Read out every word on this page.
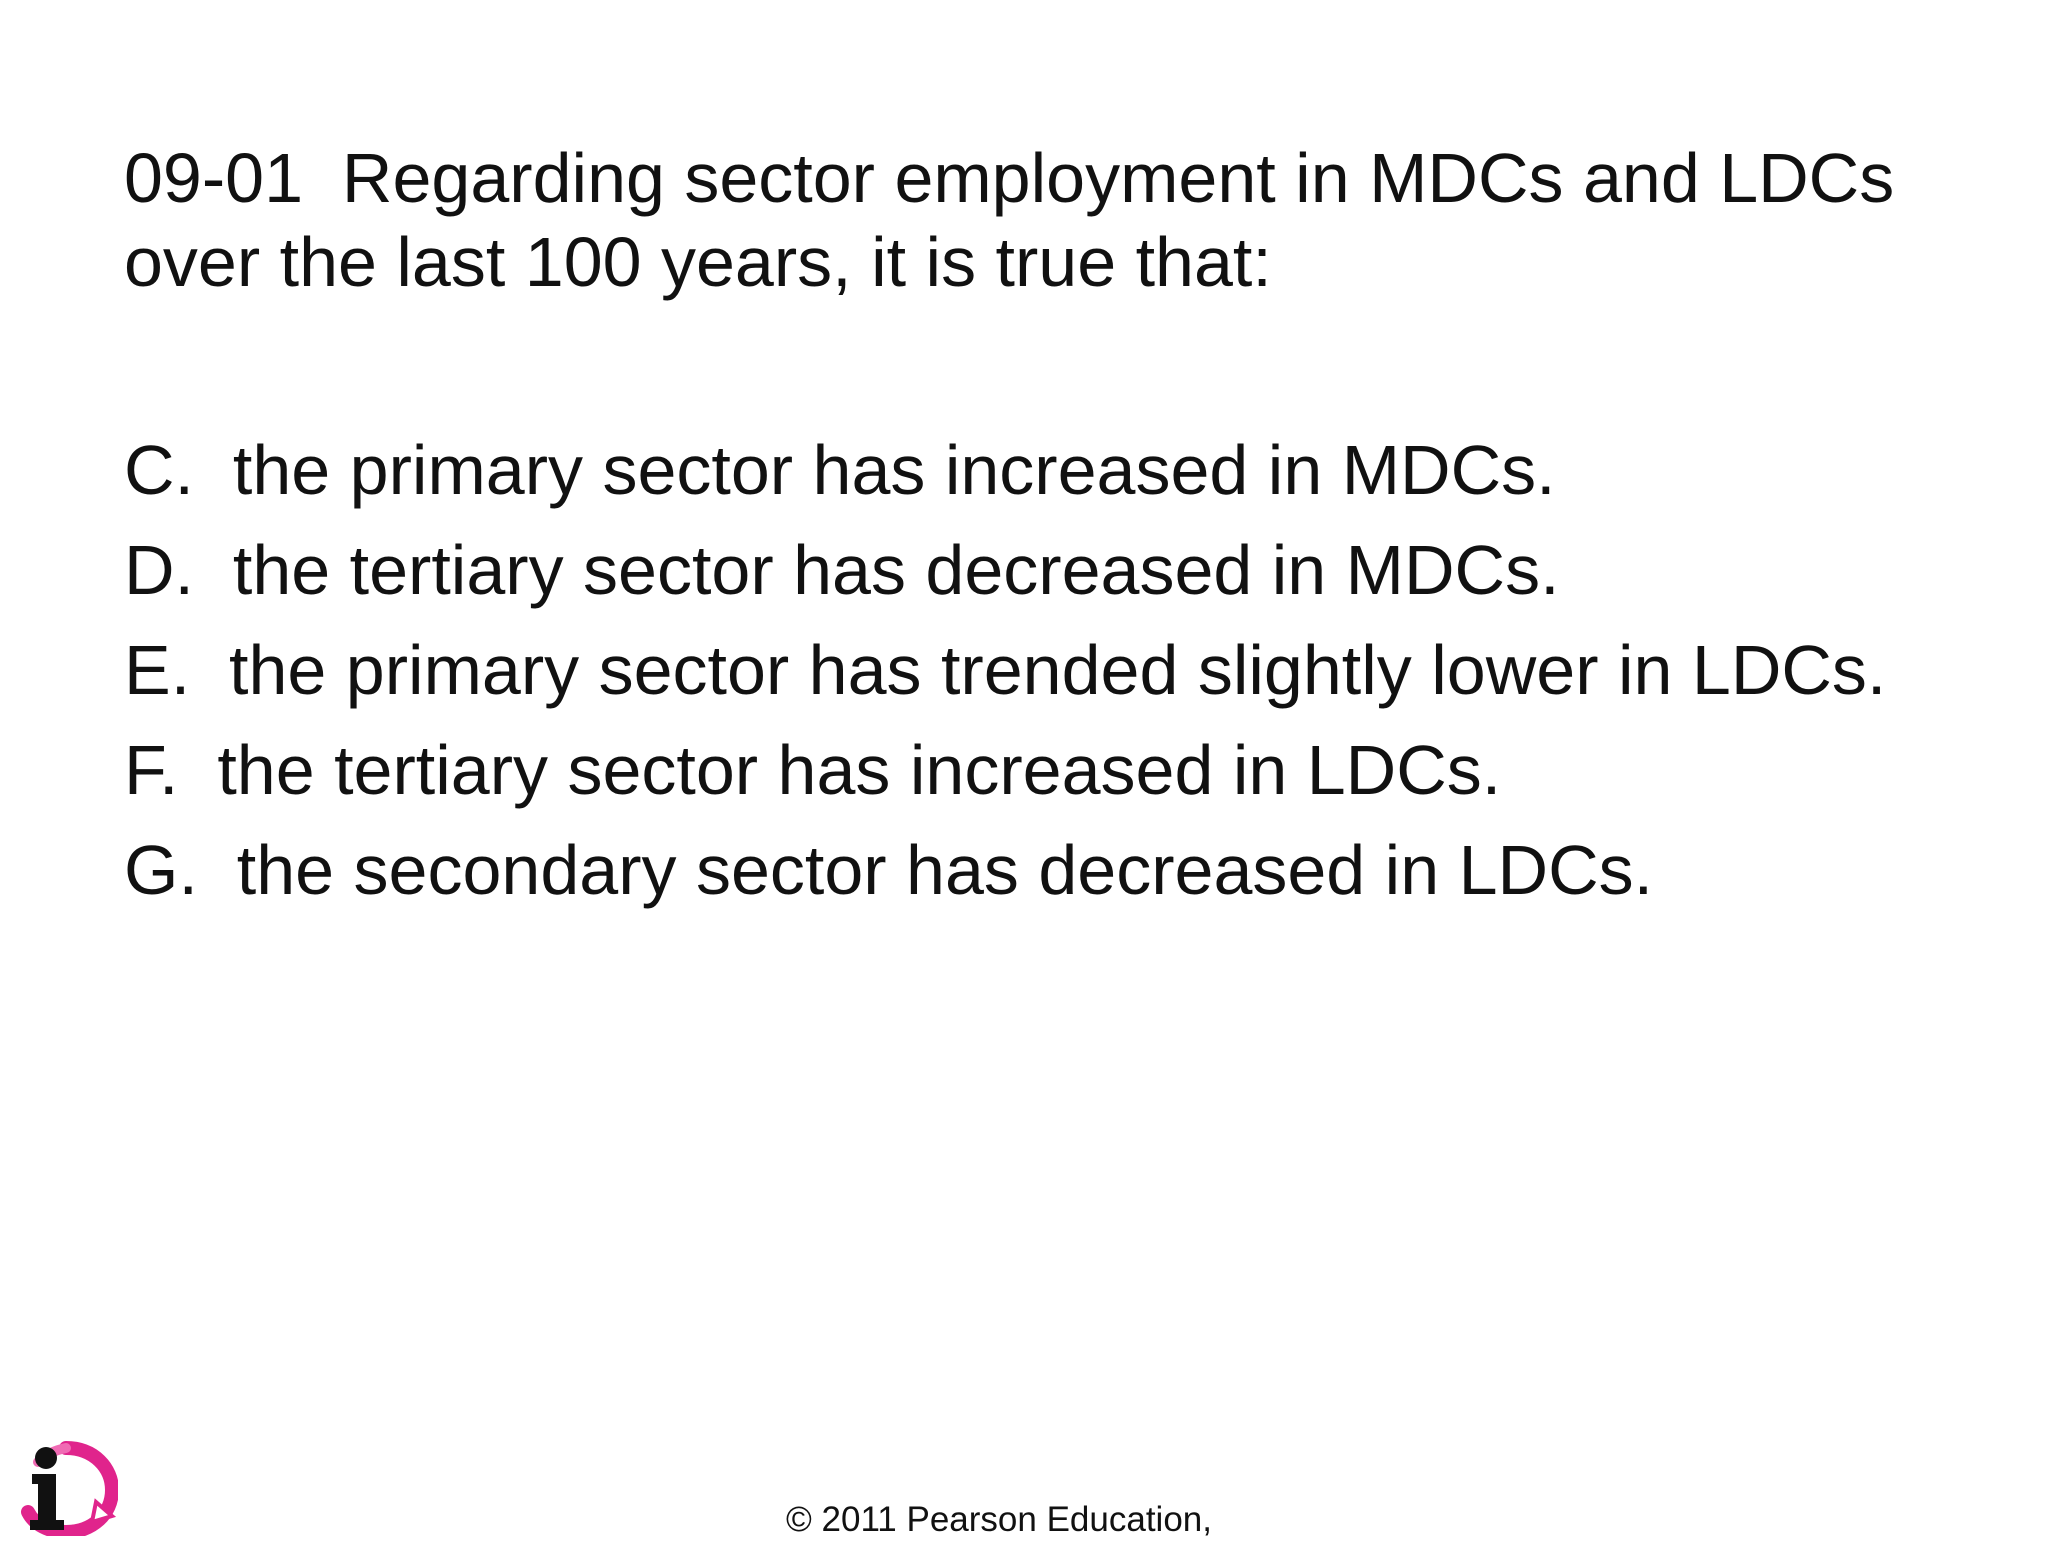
09-01  Regarding sector employment in MDCs and LDCs
over the last 100 years, it is true that:
C.  the primary sector has increased in MDCs.
D.  the tertiary sector has decreased in MDCs.
E.  the primary sector has trended slightly lower in LDCs.
F.  the tertiary sector has increased in LDCs.
G.  the secondary sector has decreased in LDCs.
© 2011 Pearson Education,
